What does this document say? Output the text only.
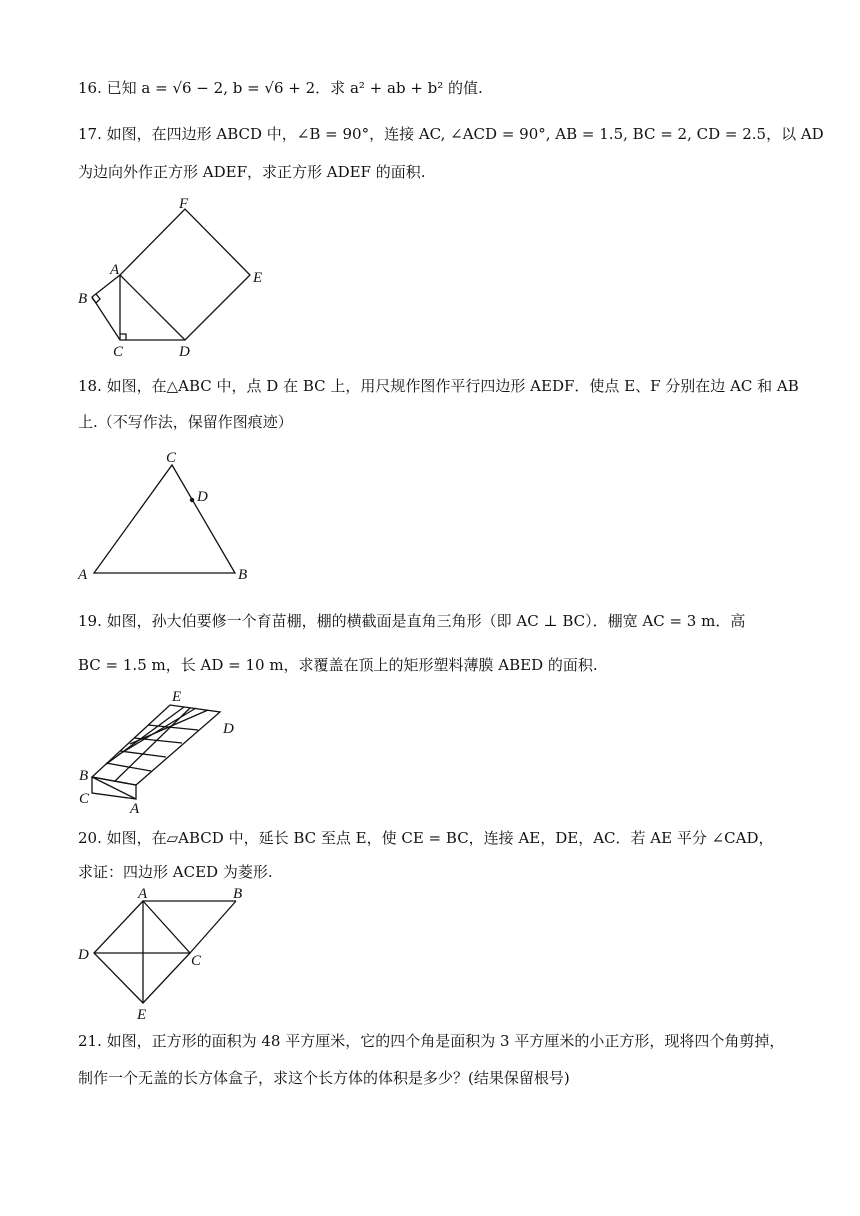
16. 已知 a = √6 − 2, b = √6 + 2．求 a² + ab + b² 的值.
17. 如图，在四边形 ABCD 中，∠B = 90°，连接 AC, ∠ACD = 90°, AB = 1.5, BC = 2, CD = 2.5，以 AD
为边向外作正方形 ADEF，求正方形 ADEF 的面积.
F
A	E
B
C	D
18. 如图，在△ABC 中，点 D 在 BC 上，用尺规作图作平行四边形 AEDF．使点 E、F 分别在边 AC 和 AB
上.（不写作法，保留作图痕迹）
C
D
A	B
19. 如图，孙大伯要修一个育苗棚，棚的横截面是直角三角形（即 AC ⊥ BC）．棚宽 AC = 3 m．高
BC = 1.5 m，长 AD = 10 m，求覆盖在顶上的矩形塑料薄膜 ABED 的面积.
E
D
B
C
A
20. 如图，在▱ABCD 中，延长 BC 至点 E，使 CE = BC，连接 AE，DE，AC．若 AE 平分 ∠CAD，
求证：四边形 ACED 为菱形.
A	B
D	C
E
21. 如图，正方形的面积为 48 平方厘米，它的四个角是面积为 3 平方厘米的小正方形，现将四个角剪掉，
制作一个无盖的长方体盒子，求这个长方体的体积是多少？(结果保留根号)
